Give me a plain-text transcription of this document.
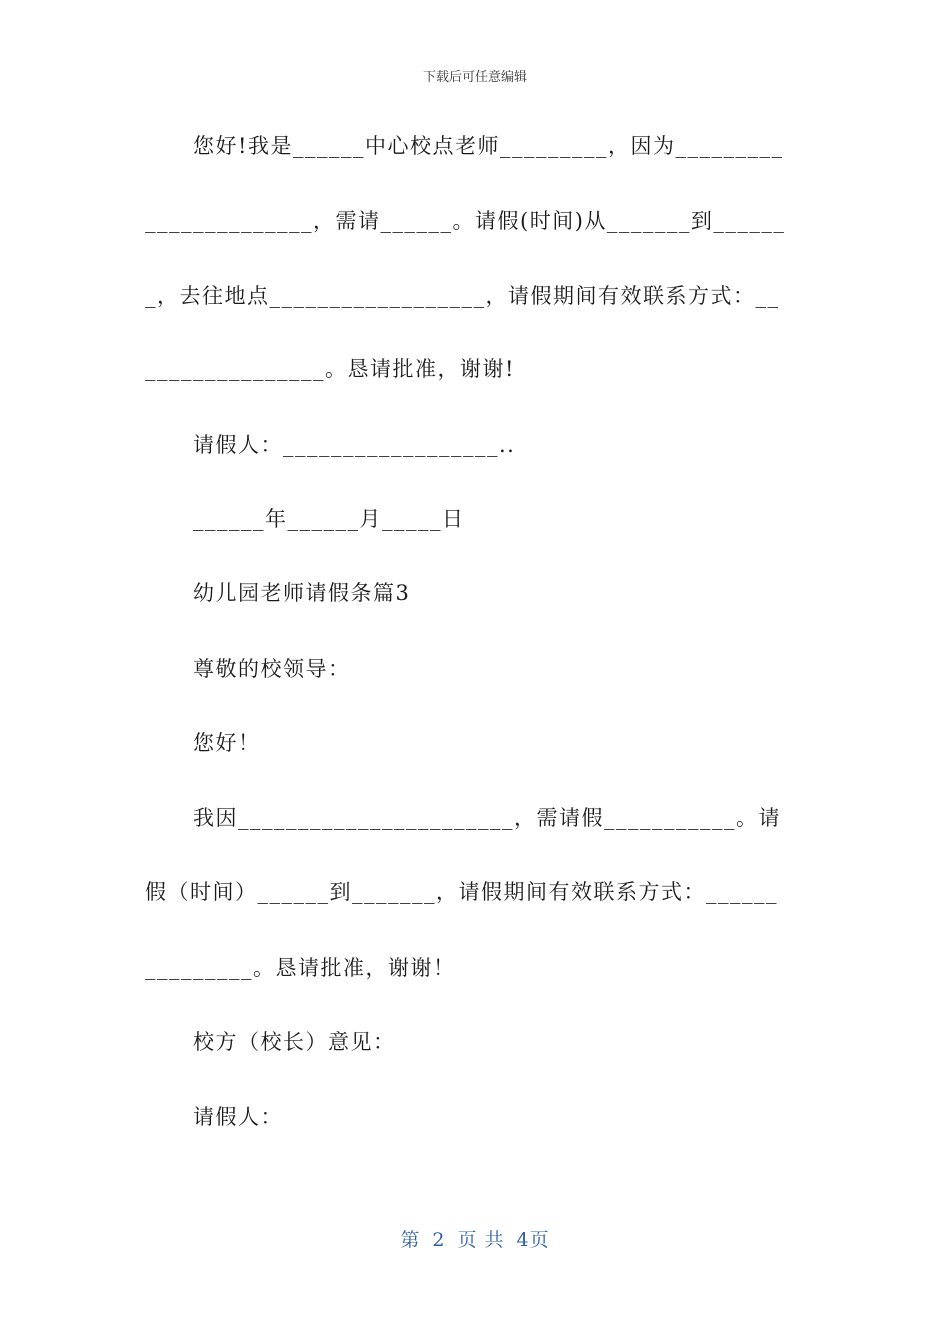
下载后可任意编辑
您好!我是______中心校点老师_________，因为_________
______________，需请______。请假(时间)从_______到______
_，去往地点__________________，请假期间有效联系方式：__
_______________。恳请批准，谢谢!
请假人：__________________..
______年______月_____日
幼儿园老师请假条篇3
尊敬的校领导：
您好！
我因_______________________，需请假___________。请
假（时间）______到_______，请假期间有效联系方式：______
_________。恳请批准，谢谢！
校方（校长）意见：
请假人：
第 2 页 共 4页
